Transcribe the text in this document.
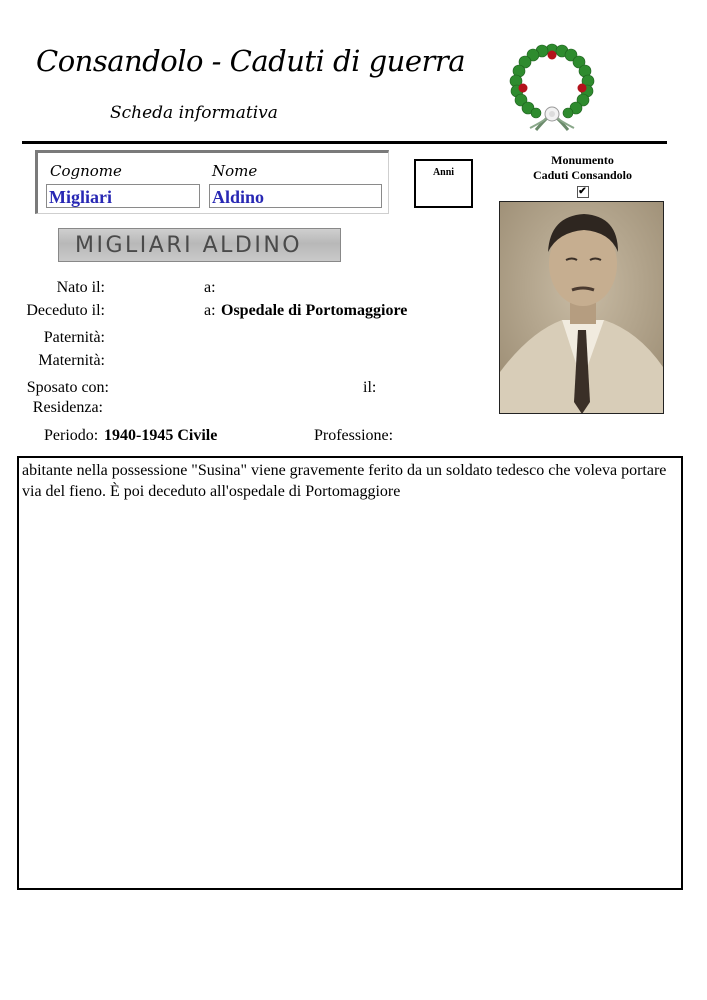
Consandolo - Caduti di guerra
Scheda informativa
Cognome	Nome
Migliari	Aldino
Anni
Monumento
Caduti Consandolo
✔
MIGLIARI ALDINO
Nato il:	a:
Deceduto il:	a: Ospedale di Portomaggiore
Paternità:
Maternità:
Sposato con:	il:
Residenza:
Periodo: 1940-1945 Civile	Professione:
abitante nella possessione "Susina" viene gravemente ferito da un soldato tedesco che voleva portare via del fieno. È poi deceduto all'ospedale di Portomaggiore
